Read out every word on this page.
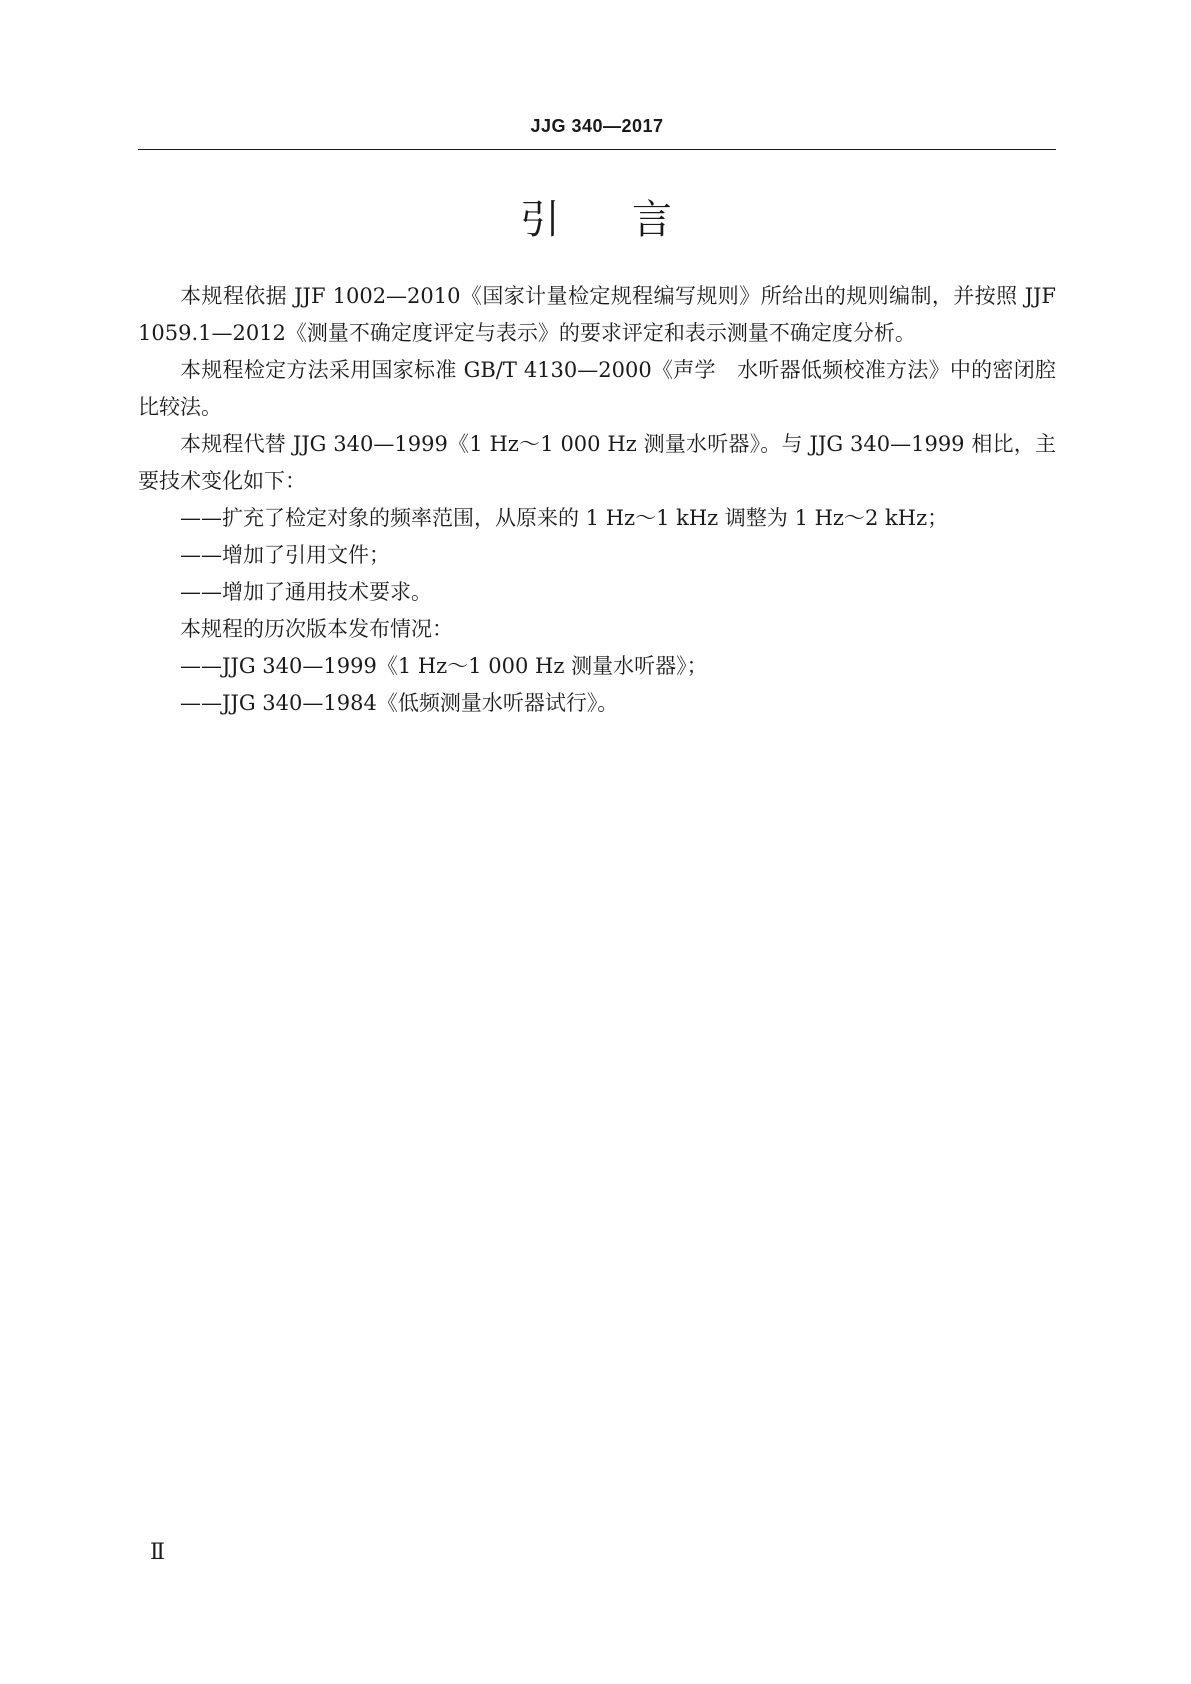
JJG 340—2017
引 言

本规程依据 JJF 1002—2010《国家计量检定规程编写规则》所给出的规则编制，并按照 JJF 1059.1—2012《测量不确定度评定与表示》的要求评定和表示测量不确定度分析。

本规程检定方法采用国家标准 GB/T 4130—2000《声学　水听器低频校准方法》中的密闭腔比较法。

本规程代替 JJG 340—1999《1 Hz～1 000 Hz 测量水听器》。与 JJG 340—1999 相比，主要技术变化如下：

——扩充了检定对象的频率范围，从原来的 1 Hz～1 kHz 调整为 1 Hz～2 kHz；

——增加了引用文件；

——增加了通用技术要求。

本规程的历次版本发布情况：

——JJG 340—1999《1 Hz～1 000 Hz 测量水听器》；

——JJG 340—1984《低频测量水听器试行》。

Ⅱ
